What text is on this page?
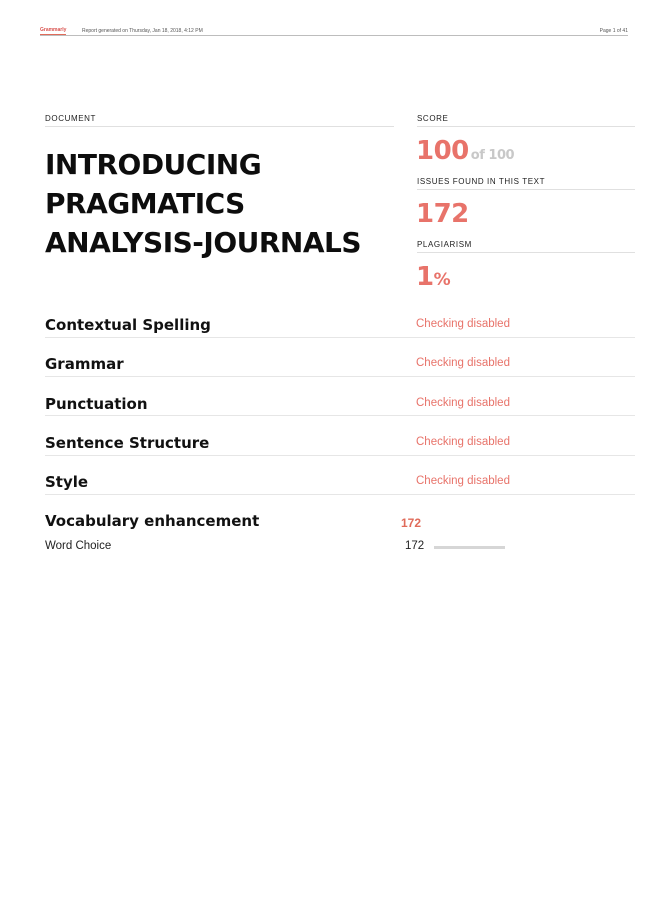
Grammarly	Report generated on Thursday, Jan 18, 2018, 4:12 PM	Page 1 of 41
DOCUMENT
INTRODUCING PRAGMATICS ANALYSIS-JOURNALS
SCORE
100 of 100
ISSUES FOUND IN THIS TEXT
172
PLAGIARISM
1%
Contextual Spelling	Checking disabled
Grammar	Checking disabled
Punctuation	Checking disabled
Sentence Structure	Checking disabled
Style	Checking disabled
Vocabulary enhancement	172
Word Choice	172
